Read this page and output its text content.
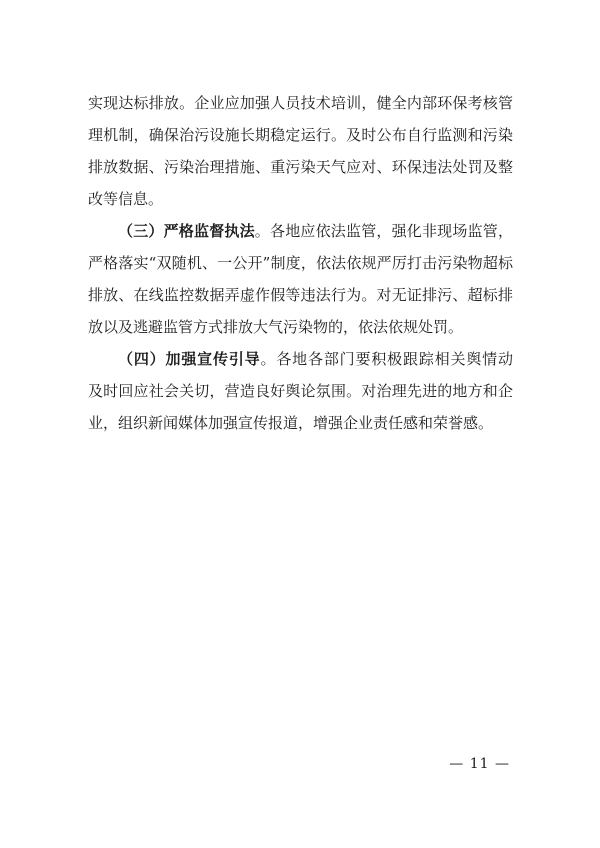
实现达标排放。企业应加强人员技术培训，健全内部环保考核管
理机制，确保治污设施长期稳定运行。及时公布自行监测和污染
排放数据、污染治理措施、重污染天气应对、环保违法处罚及整
改等信息。
（三）严格监督执法。各地应依法监管，强化非现场监管，
严格落实“双随机、一公开”制度，依法依规严厉打击污染物超标
排放、在线监控数据弄虚作假等违法行为。对无证排污、超标排
放以及逃避监管方式排放大气污染物的，依法依规处罚。
（四）加强宣传引导。各地各部门要积极跟踪相关舆情动
及时回应社会关切，营造良好舆论氛围。对治理先进的地方和企
业，组织新闻媒体加强宣传报道，增强企业责任感和荣誉感。
— 11 —
